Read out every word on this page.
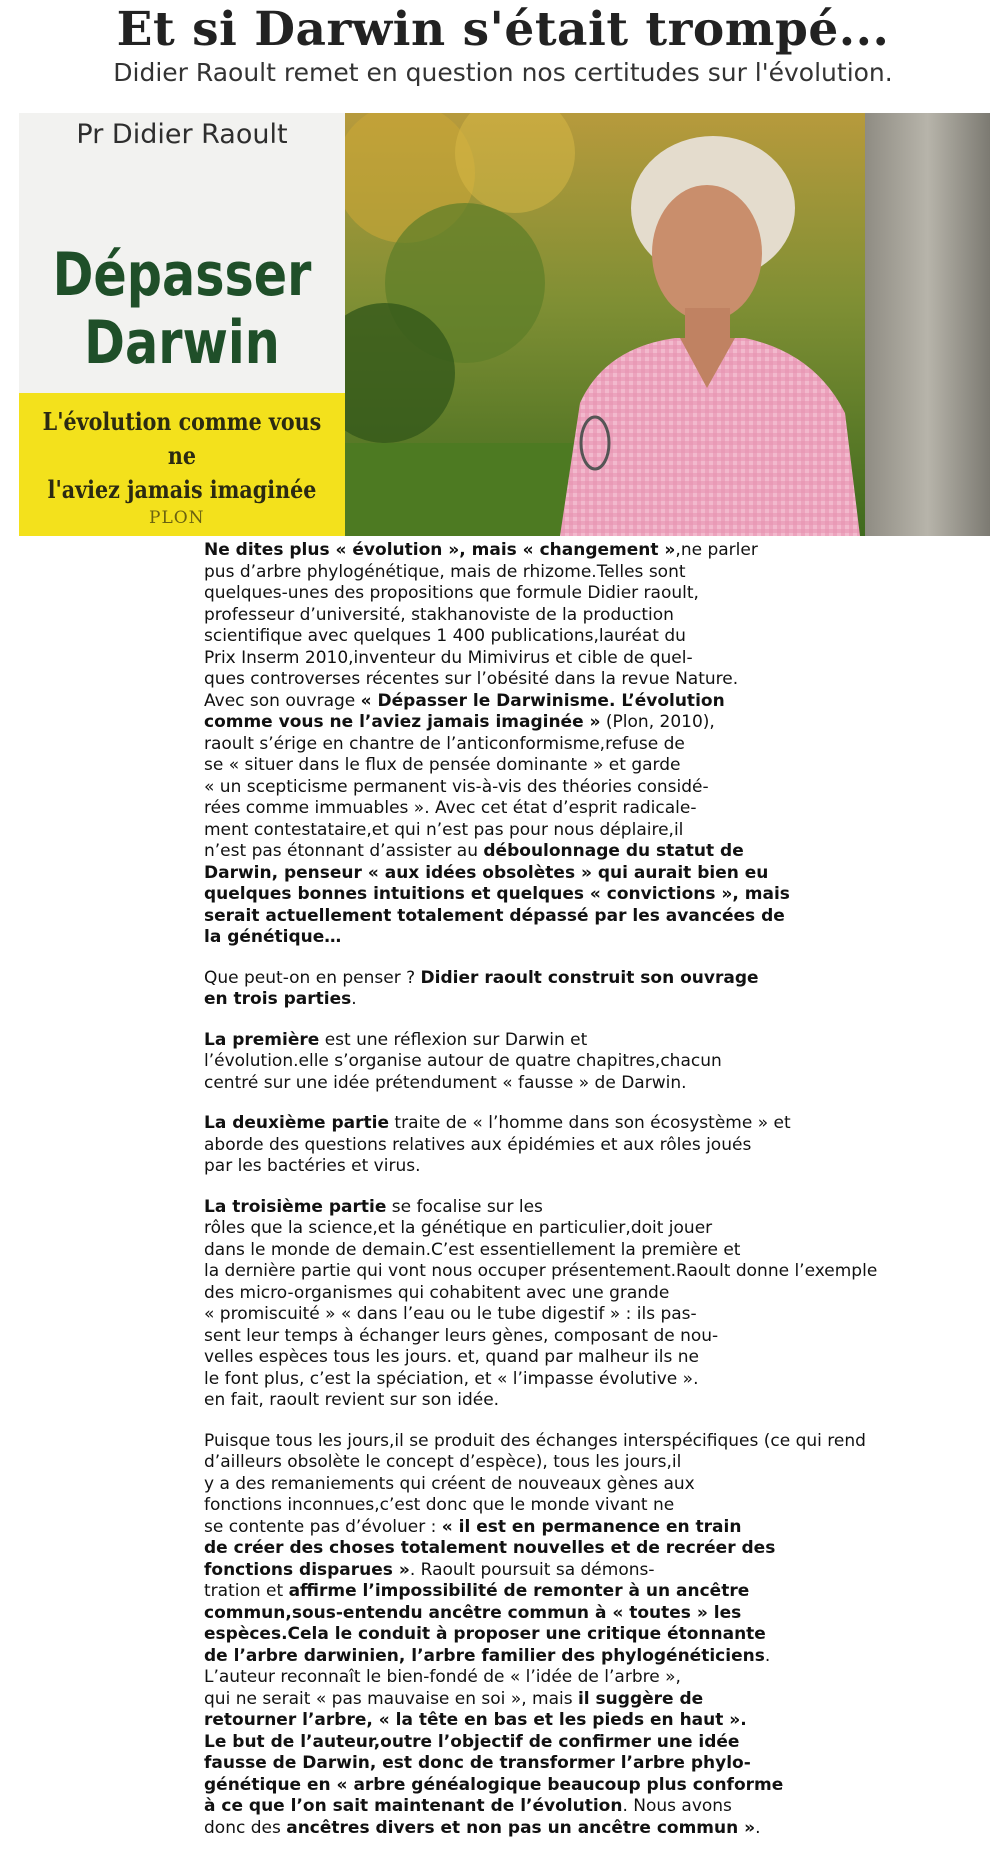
Et si Darwin s'était trompé...
Didier Raoult remet en question nos certitudes sur l'évolution.
Pr Didier Raoult
Dépasser
Darwin
L'évolution comme vous ne
l'aviez jamais imaginée
PLON

Ne dites plus « évolution », mais « changement »,ne parler
pus d’arbre phylogénétique, mais de rhizome.Telles sont
quelques-unes des propositions que formule Didier raoult,
professeur d’université, stakhanoviste de la production
scientifique avec quelques 1 400 publications,lauréat du
Prix Inserm 2010,inventeur du Mimivirus et cible de quel-
ques controverses récentes sur l’obésité dans la revue Nature.
Avec son ouvrage « Dépasser le Darwinisme. L’évolution
comme vous ne l’aviez jamais imaginée » (Plon, 2010),
raoult s’érige en chantre de l’anticonformisme,refuse de
se « situer dans le flux de pensée dominante » et garde
« un scepticisme permanent vis-à-vis des théories considé-
rées comme immuables ». Avec cet état d’esprit radicale-
ment contestataire,et qui n’est pas pour nous déplaire,il
n’est pas étonnant d’assister au déboulonnage du statut de
Darwin, penseur « aux idées obsolètes » qui aurait bien eu
quelques bonnes intuitions et quelques « convictions », mais
serait actuellement totalement dépassé par les avancées de
la génétique…

Que peut-on en penser ? Didier raoult construit son ouvrage
en trois parties.

La première est une réflexion sur Darwin et
l’évolution.elle s’organise autour de quatre chapitres,chacun
centré sur une idée prétendument « fausse » de Darwin.

La deuxième partie traite de « l’homme dans son écosystème » et
aborde des questions relatives aux épidémies et aux rôles joués
par les bactéries et virus.

La troisième partie se focalise sur les
rôles que la science,et la génétique en particulier,doit jouer
dans le monde de demain.C’est essentiellement la première et
la dernière partie qui vont nous occuper présentement.Raoult donne l’exemple
des micro-organismes qui cohabitent avec une grande
« promiscuité » « dans l’eau ou le tube digestif » : ils pas-
sent leur temps à échanger leurs gènes, composant de nou-
velles espèces tous les jours. et, quand par malheur ils ne
le font plus, c’est la spéciation, et « l’impasse évolutive ».
en fait, raoult revient sur son idée.

Puisque tous les jours,il se produit des échanges interspécifiques (ce qui rend
d’ailleurs obsolète le concept d’espèce), tous les jours,il
y a des remaniements qui créent de nouveaux gènes aux
fonctions inconnues,c’est donc que le monde vivant ne
se contente pas d’évoluer : « il est en permanence en train
de créer des choses totalement nouvelles et de recréer des
fonctions disparues ». Raoult poursuit sa démons-
tration et affirme l’impossibilité de remonter à un ancêtre
commun,sous-entendu ancêtre commun à « toutes » les
espèces.Cela le conduit à proposer une critique étonnante
de l’arbre darwinien, l’arbre familier des phylogénéticiens.
L’auteur reconnaît le bien-fondé de « l’idée de l’arbre »,
qui ne serait « pas mauvaise en soi », mais il suggère de
retourner l’arbre, « la tête en bas et les pieds en haut ».
Le but de l’auteur,outre l’objectif de confirmer une idée
fausse de Darwin, est donc de transformer l’arbre phylo-
génétique en « arbre généalogique beaucoup plus conforme
à ce que l’on sait maintenant de l’évolution. Nous avons
donc des ancêtres divers et non pas un ancêtre commun ».
